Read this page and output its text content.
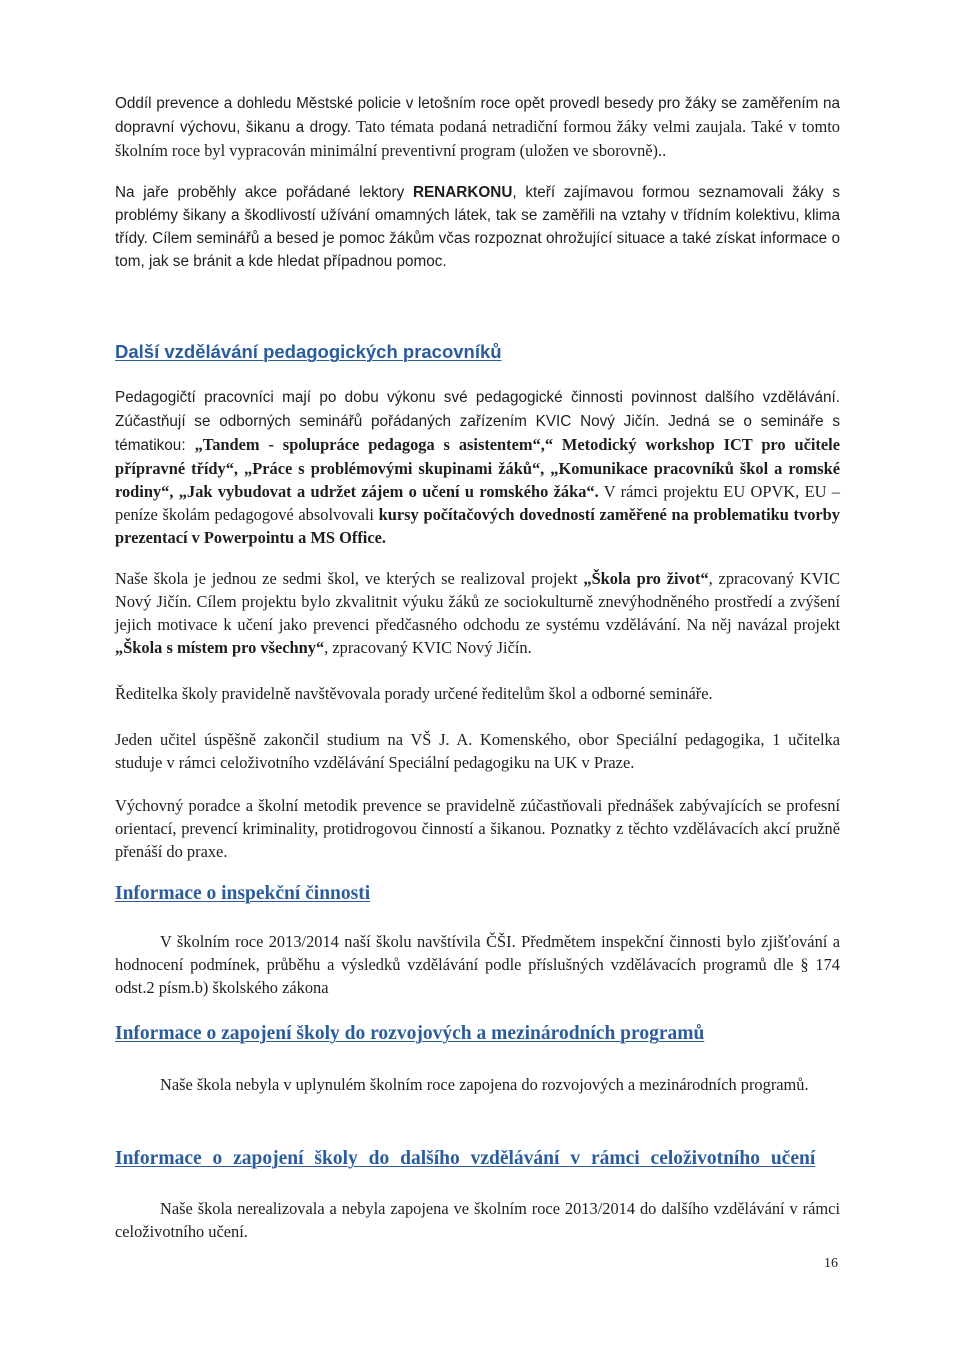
Oddíl prevence a dohledu Městské policie v letošním roce opět provedl besedy pro žáky se zaměřením na dopravní výchovu, šikanu a drogy. Tato témata podaná netradiční formou žáky velmi zaujala. Také v tomto školním roce byl vypracován minimální preventivní program (uložen ve sborovně)..

Na jaře proběhly akce pořádané lektory RENARKONU, kteří zajímavou formou seznamovali žáky s problémy šikany a škodlivostí užívání omamných látek, tak se zaměřili na vztahy v třídním kolektivu, klima třídy. Cílem seminářů a besed je pomoc žákům včas rozpoznat ohrožující situace a také získat informace o tom, jak se bránit a kde hledat případnou pomoc.

Další vzdělávání pedagogických pracovníků

Pedagogičtí pracovníci mají po dobu výkonu své pedagogické činnosti povinnost dalšího vzdělávání. Zúčastňují se odborných seminářů pořádaných zařízením KVIC Nový Jičín. Jedná se o semináře s tématikou: „Tandem - spolupráce pedagoga s asistentem“,“ Metodický workshop ICT pro učitele přípravné třídy“, „Práce s problémovými skupinami žáků“, „Komunikace pracovníků škol a romské rodiny“, „Jak vybudovat a udržet zájem o učení u romského žáka“. V rámci projektu EU OPVK, EU – peníze školám pedagogové absolvovali kursy počítačových dovedností zaměřené na problematiku tvorby prezentací v Powerpointu a MS Office.

Naše škola je jednou ze sedmi škol, ve kterých se realizoval projekt „Škola pro život“, zpracovaný KVIC Nový Jičín. Cílem projektu bylo zkvalitnit výuku žáků ze sociokulturně znevýhodněného prostředí a zvýšení jejich motivace k učení jako prevenci předčasného odchodu ze systému vzdělávání. Na něj navázal projekt „Škola s místem pro všechny“, zpracovaný KVIC Nový Jičín.

Ředitelka školy pravidelně navštěvovala porady určené ředitelům škol a odborné semináře.

Jeden učitel úspěšně zakončil studium na VŠ J. A. Komenského, obor Speciální pedagogika, 1 učitelka studuje v rámci celoživotního vzdělávání Speciální pedagogiku na UK v Praze.

Výchovný poradce a školní metodik prevence se pravidelně zúčastňovali přednášek zabývajících se profesní orientací, prevencí kriminality, protidrogovou činností a šikanou. Poznatky z těchto vzdělávacích akcí pružně přenáší do praxe.

Informace o inspekční činnosti

V školním roce 2013/2014 naší školu navštívila ČŠI. Předmětem inspekční činnosti bylo zjišťování a hodnocení podmínek, průběhu a výsledků vzdělávání podle příslušných vzdělávacích programů dle § 174 odst.2 písm.b) školského zákona

Informace o zapojení školy do rozvojových a mezinárodních programů

Naše škola nebyla v uplynulém školním roce zapojena do rozvojových a mezinárodních programů.

Informace o zapojení školy do dalšího vzdělávání v rámci celoživotního učení

Naše škola nerealizovala a nebyla zapojena ve školním roce 2013/2014 do dalšího vzdělávání v rámci celoživotního učení.

16
